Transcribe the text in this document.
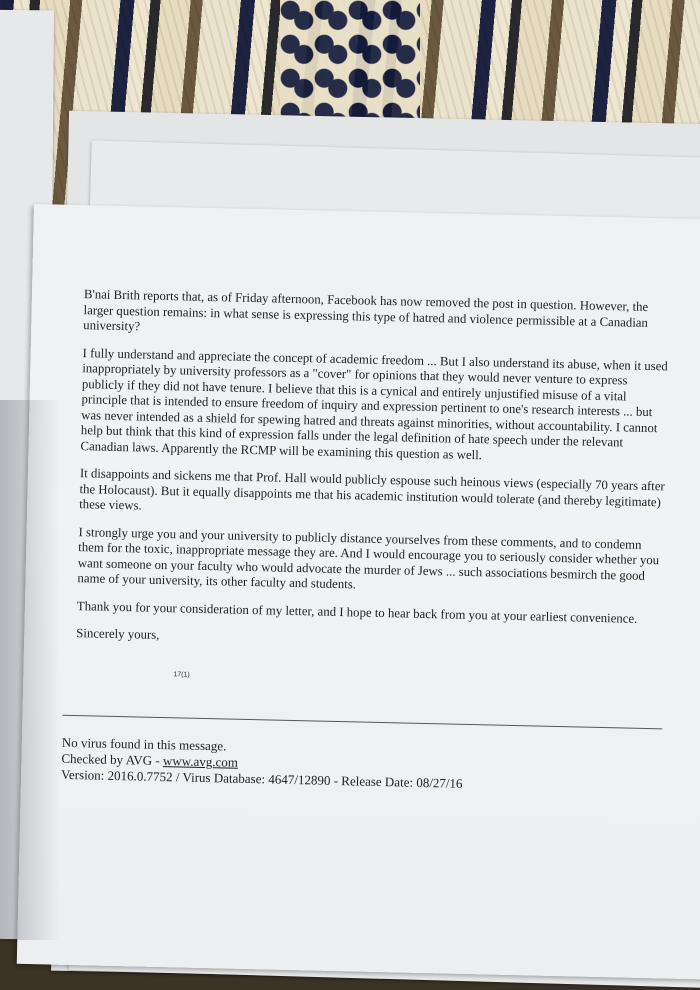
B'nai Brith reports that, as of Friday afternoon, Facebook has now removed the post in question. However, the larger question remains: in what sense is expressing this type of hatred and violence permissible at a Canadian university?

I fully understand and appreciate the concept of academic freedom ... But I also understand its abuse, when it used inappropriately by university professors as a "cover" for opinions that they would never venture to express publicly if they did not have tenure. I believe that this is a cynical and entirely unjustified misuse of a vital principle that is intended to ensure freedom of inquiry and expression pertinent to one's research interests ... but was never intended as a shield for spewing hatred and threats against minorities, without accountability. I cannot help but think that this kind of expression falls under the legal definition of hate speech under the relevant Canadian laws. Apparently the RCMP will be examining this question as well.

It disappoints and sickens me that Prof. Hall would publicly espouse such heinous views (especially 70 years after the Holocaust). But it equally disappoints me that his academic institution would tolerate (and thereby legitimate) these views.

I strongly urge you and your university to publicly distance yourselves from these comments, and to condemn them for the toxic, inappropriate message they are. And I would encourage you to seriously consider whether you want someone on your faculty who would advocate the murder of Jews ... such associations besmirch the good name of your university, its other faculty and students.

Thank you for your consideration of my letter, and I hope to hear back from you at your earliest convenience.

Sincerely yours,

17(1)
No virus found in this message.
Checked by AVG - www.avg.com
Version: 2016.0.7752 / Virus Database: 4647/12890 - Release Date: 08/27/16
